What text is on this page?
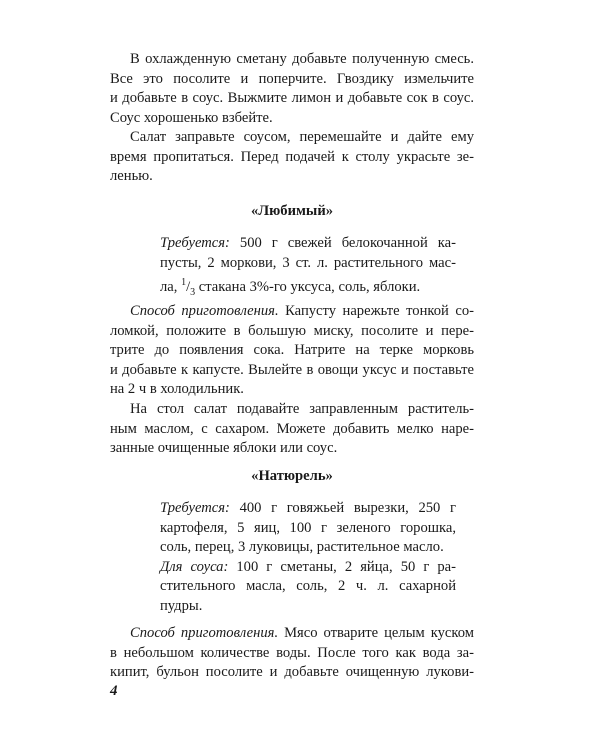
В охлажденную сметану добавьте полученную смесь.
Все это посолите и поперчите. Гвоздику измельчите
и добавьте в соус. Выжмите лимон и добавьте сок в соус.
Соус хорошенько взбейте.
Салат заправьте соусом, перемешайте и дайте ему
время пропитаться. Перед подачей к столу украсьте зе-
ленью.
«Любимый»
Требуется: 500 г свежей белокочанной ка-
пусты, 2 моркови, 3 ст. л. растительного мас-
ла, $^1/_3$ стакана 3%-го уксуса, соль, яблоки.
Способ приготовления. Капусту нарежьте тонкой со-
ломкой, положите в большую миску, посолите и пере-
трите до появления сока. Натрите на терке морковь
и добавьте к капусте. Вылейте в овощи уксус и поставьте
на 2 ч в холодильник.
На стол салат подавайте заправленным раститель-
ным маслом, с сахаром. Можете добавить мелко наре-
занные очищенные яблоки или соус.
«Натюрель»
Требуется: 400 г говяжьей вырезки, 250 г
картофеля, 5 яиц, 100 г зеленого горошка,
соль, перец, 3 луковицы, растительное масло.
Для соуса: 100 г сметаны, 2 яйца, 50 г ра-
стительного масла, соль, 2 ч. л. сахарной
пудры.
Способ приготовления. Мясо отварите целым куском
в небольшом количестве воды. После того как вода за-
кипит, бульон посолите и добавьте очищенную лукови-
4
